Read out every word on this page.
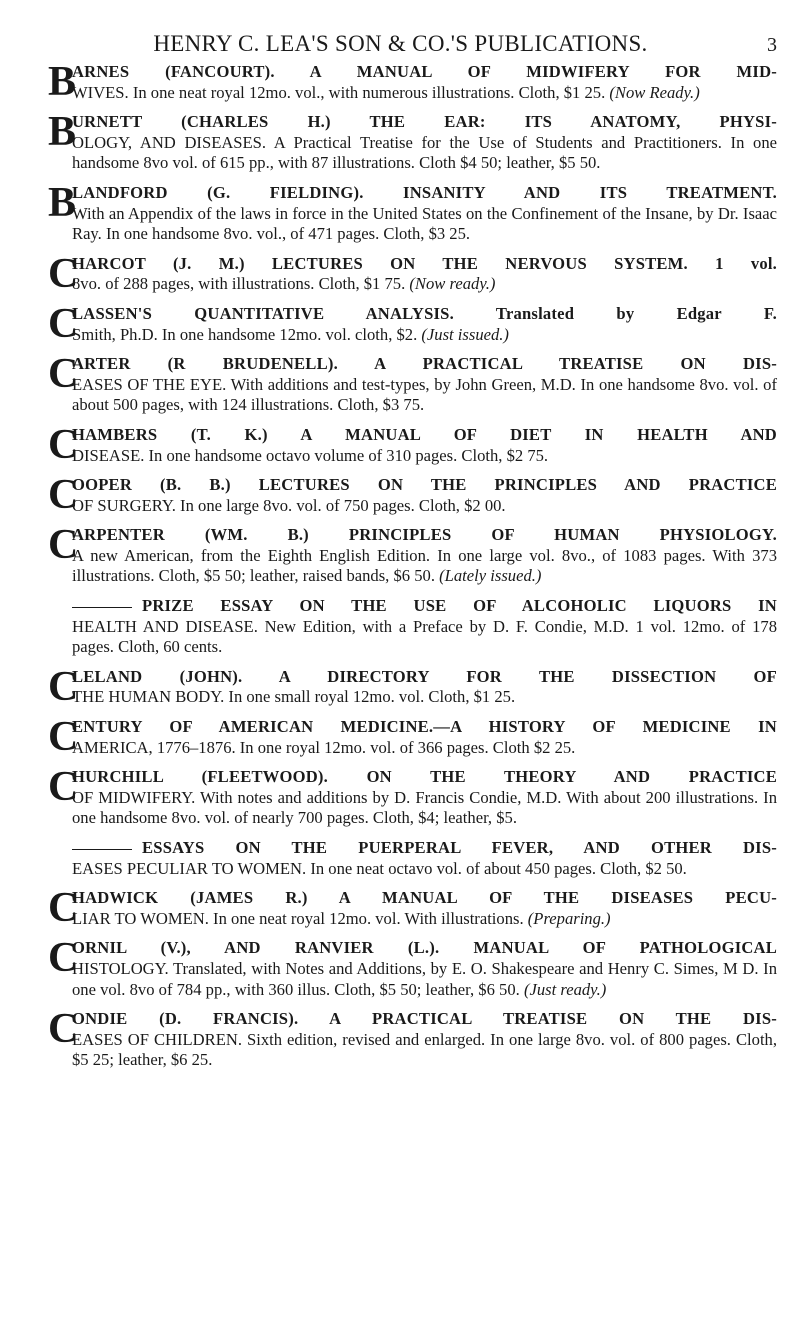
HENRY C. LEA'S SON & CO.'S PUBLICATIONS.	3
B
ARNES (FANCOURT). A MANUAL OF MIDWIFERY FOR MID-
WIVES. In one neat royal 12mo. vol., with numerous illustrations. Cloth, $1 25. (Now Ready.)
B
URNETT (CHARLES H.) THE EAR: ITS ANATOMY, PHYSI-
OLOGY, AND DISEASES. A Practical Treatise for the Use of Students and Practitioners. In one handsome 8vo vol. of 615 pp., with 87 illustrations. Cloth $4 50; leather, $5 50.
B
LANDFORD (G. FIELDING). INSANITY AND ITS TREATMENT.
With an Appendix of the laws in force in the United States on the Confinement of the Insane, by Dr. Isaac Ray. In one handsome 8vo. vol., of 471 pages. Cloth, $3 25.
C
HARCOT (J. M.) LECTURES ON THE NERVOUS SYSTEM. 1 vol.
8vo. of 288 pages, with illustrations. Cloth, $1 75. (Now ready.)
C
LASSEN'S QUANTITATIVE ANALYSIS. Translated by Edgar F.
Smith, Ph.D. In one handsome 12mo. vol. cloth, $2. (Just issued.)
C
ARTER (R BRUDENELL). A PRACTICAL TREATISE ON DIS-
EASES OF THE EYE. With additions and test-types, by John Green, M.D. In one handsome 8vo. vol. of about 500 pages, with 124 illustrations. Cloth, $3 75.
C
HAMBERS (T. K.) A MANUAL OF DIET IN HEALTH AND
DISEASE. In one handsome octavo volume of 310 pages. Cloth, $2 75.
C
OOPER (B. B.) LECTURES ON THE PRINCIPLES AND PRACTICE
OF SURGERY. In one large 8vo. vol. of 750 pages. Cloth, $2 00.
C
ARPENTER (WM. B.) PRINCIPLES OF HUMAN PHYSIOLOGY.
A new American, from the Eighth English Edition. In one large vol. 8vo., of 1083 pages. With 373 illustrations. Cloth, $5 50; leather, raised bands, $6 50. (Lately issued.)
PRIZE ESSAY ON THE USE OF ALCOHOLIC LIQUORS IN
HEALTH AND DISEASE. New Edition, with a Preface by D. F. Condie, M.D. 1 vol. 12mo. of 178 pages. Cloth, 60 cents.
C
LELAND (JOHN). A DIRECTORY FOR THE DISSECTION OF
THE HUMAN BODY. In one small royal 12mo. vol. Cloth, $1 25.
C
ENTURY OF AMERICAN MEDICINE.—A HISTORY OF MEDICINE IN
AMERICA, 1776–1876. In one royal 12mo. vol. of 366 pages. Cloth $2 25.
C
HURCHILL (FLEETWOOD). ON THE THEORY AND PRACTICE
OF MIDWIFERY. With notes and additions by D. Francis Condie, M.D. With about 200 illustrations. In one handsome 8vo. vol. of nearly 700 pages. Cloth, $4; leather, $5.
ESSAYS ON THE PUERPERAL FEVER, AND OTHER DIS-
EASES PECULIAR TO WOMEN. In one neat octavo vol. of about 450 pages. Cloth, $2 50.
C
HADWICK (JAMES R.) A MANUAL OF THE DISEASES PECU-
LIAR TO WOMEN. In one neat royal 12mo. vol. With illustrations. (Preparing.)
C
ORNIL (V.), AND RANVIER (L.). MANUAL OF PATHOLOGICAL
HISTOLOGY. Translated, with Notes and Additions, by E. O. Shakespeare and Henry C. Simes, M D. In one vol. 8vo of 784 pp., with 360 illus. Cloth, $5 50; leather, $6 50. (Just ready.)
C
ONDIE (D. FRANCIS). A PRACTICAL TREATISE ON THE DIS-
EASES OF CHILDREN. Sixth edition, revised and enlarged. In one large 8vo. vol. of 800 pages. Cloth, $5 25; leather, $6 25.
